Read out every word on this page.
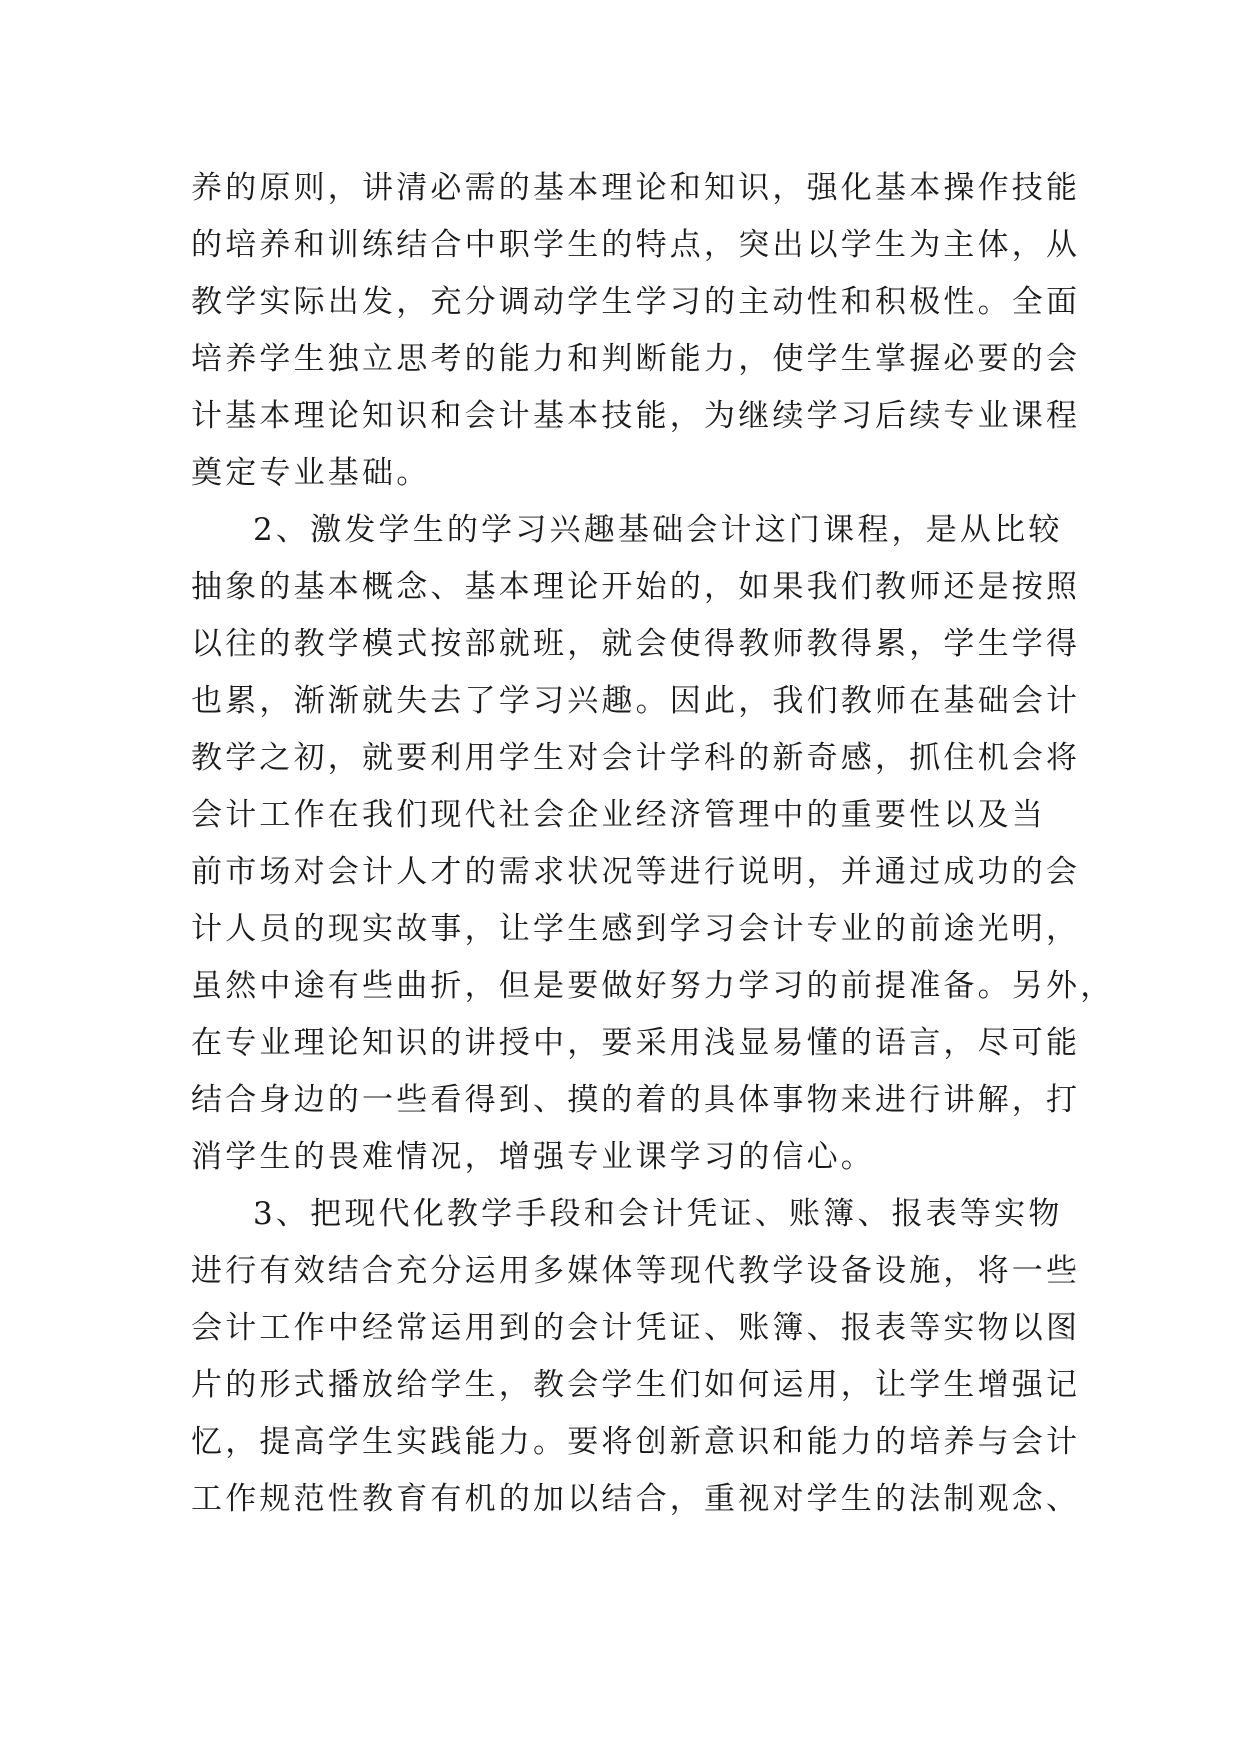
养的原则，讲清必需的基本理论和知识，强化基本操作技能
的培养和训练结合中职学生的特点，突出以学生为主体，从
教学实际出发，充分调动学生学习的主动性和积极性。全面
培养学生独立思考的能力和判断能力，使学生掌握必要的会
计基本理论知识和会计基本技能，为继续学习后续专业课程
奠定专业基础。
2、激发学生的学习兴趣基础会计这门课程，是从比较
抽象的基本概念、基本理论开始的，如果我们教师还是按照
以往的教学模式按部就班，就会使得教师教得累，学生学得
也累，渐渐就失去了学习兴趣。因此，我们教师在基础会计
教学之初，就要利用学生对会计学科的新奇感，抓住机会将
会计工作在我们现代社会企业经济管理中的重要性以及当
前市场对会计人才的需求状况等进行说明，并通过成功的会
计人员的现实故事，让学生感到学习会计专业的前途光明，
虽然中途有些曲折，但是要做好努力学习的前提准备。另外，
在专业理论知识的讲授中，要采用浅显易懂的语言，尽可能
结合身边的一些看得到、摸的着的具体事物来进行讲解，打
消学生的畏难情况，增强专业课学习的信心。
3、把现代化教学手段和会计凭证、账簿、报表等实物
进行有效结合充分运用多媒体等现代教学设备设施，将一些
会计工作中经常运用到的会计凭证、账簿、报表等实物以图
片的形式播放给学生，教会学生们如何运用，让学生增强记
忆，提高学生实践能力。要将创新意识和能力的培养与会计
工作规范性教育有机的加以结合，重视对学生的法制观念、
